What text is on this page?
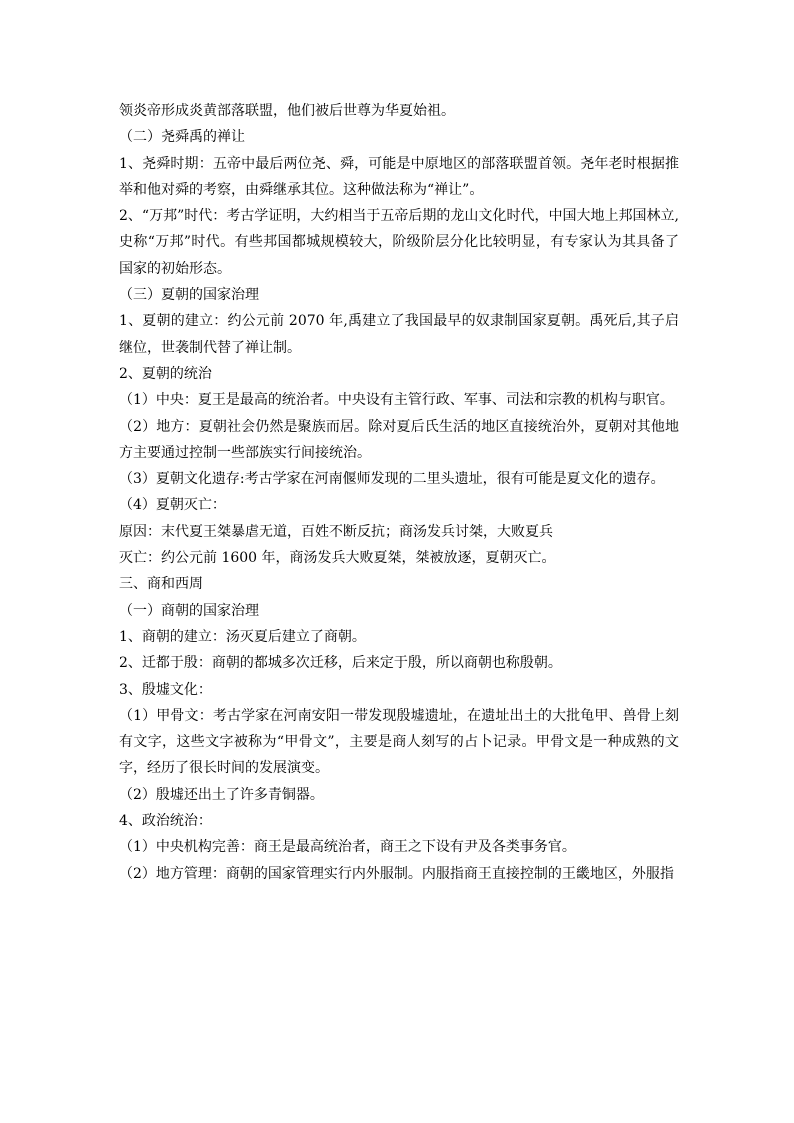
领炎帝形成炎黄部落联盟，他们被后世尊为华夏始祖。

（二）尧舜禹的禅让

1、尧舜时期：五帝中最后两位尧、舜，可能是中原地区的部落联盟首领。尧年老时根据推举和他对舜的考察，由舜继承其位。这种做法称为“禅让”。

2、“万邦”时代：考古学证明，大约相当于五帝后期的龙山文化时代，中国大地上邦国林立,史称“万邦”时代。有些邦国都城规模较大，阶级阶层分化比较明显，有专家认为其具备了国家的初始形态。

（三）夏朝的国家治理

1、夏朝的建立：约公元前 2070 年,禹建立了我国最早的奴隶制国家夏朝。禹死后,其子启继位，世袭制代替了禅让制。

2、夏朝的统治

（1）中央：夏王是最高的统治者。中央设有主管行政、军事、司法和宗教的机构与职官。

（2）地方：夏朝社会仍然是聚族而居。除对夏后氏生活的地区直接统治外，夏朝对其他地方主要通过控制一些部族实行间接统治。

（3）夏朝文化遗存:考古学家在河南偃师发现的二里头遗址，很有可能是夏文化的遗存。

（4）夏朝灭亡：

原因：末代夏王桀暴虐无道，百姓不断反抗；商汤发兵讨桀，大败夏兵

灭亡：约公元前 1600 年，商汤发兵大败夏桀，桀被放逐，夏朝灭亡。

三、商和西周

（一）商朝的国家治理

1、商朝的建立：汤灭夏后建立了商朝。

2、迁都于殷：商朝的都城多次迁移，后来定于殷，所以商朝也称殷朝。

3、殷墟文化：

（1）甲骨文：考古学家在河南安阳一带发现殷墟遗址，在遗址出土的大批龟甲、兽骨上刻有文字，这些文字被称为“甲骨文”，主要是商人刻写的占卜记录。甲骨文是一种成熟的文字，经历了很长时间的发展演变。

（2）殷墟还出土了许多青铜器。

4、政治统治：

（1）中央机构完善：商王是最高统治者，商王之下设有尹及各类事务官。

（2）地方管理：商朝的国家管理实行内外服制。内服指商王直接控制的王畿地区，外服指
